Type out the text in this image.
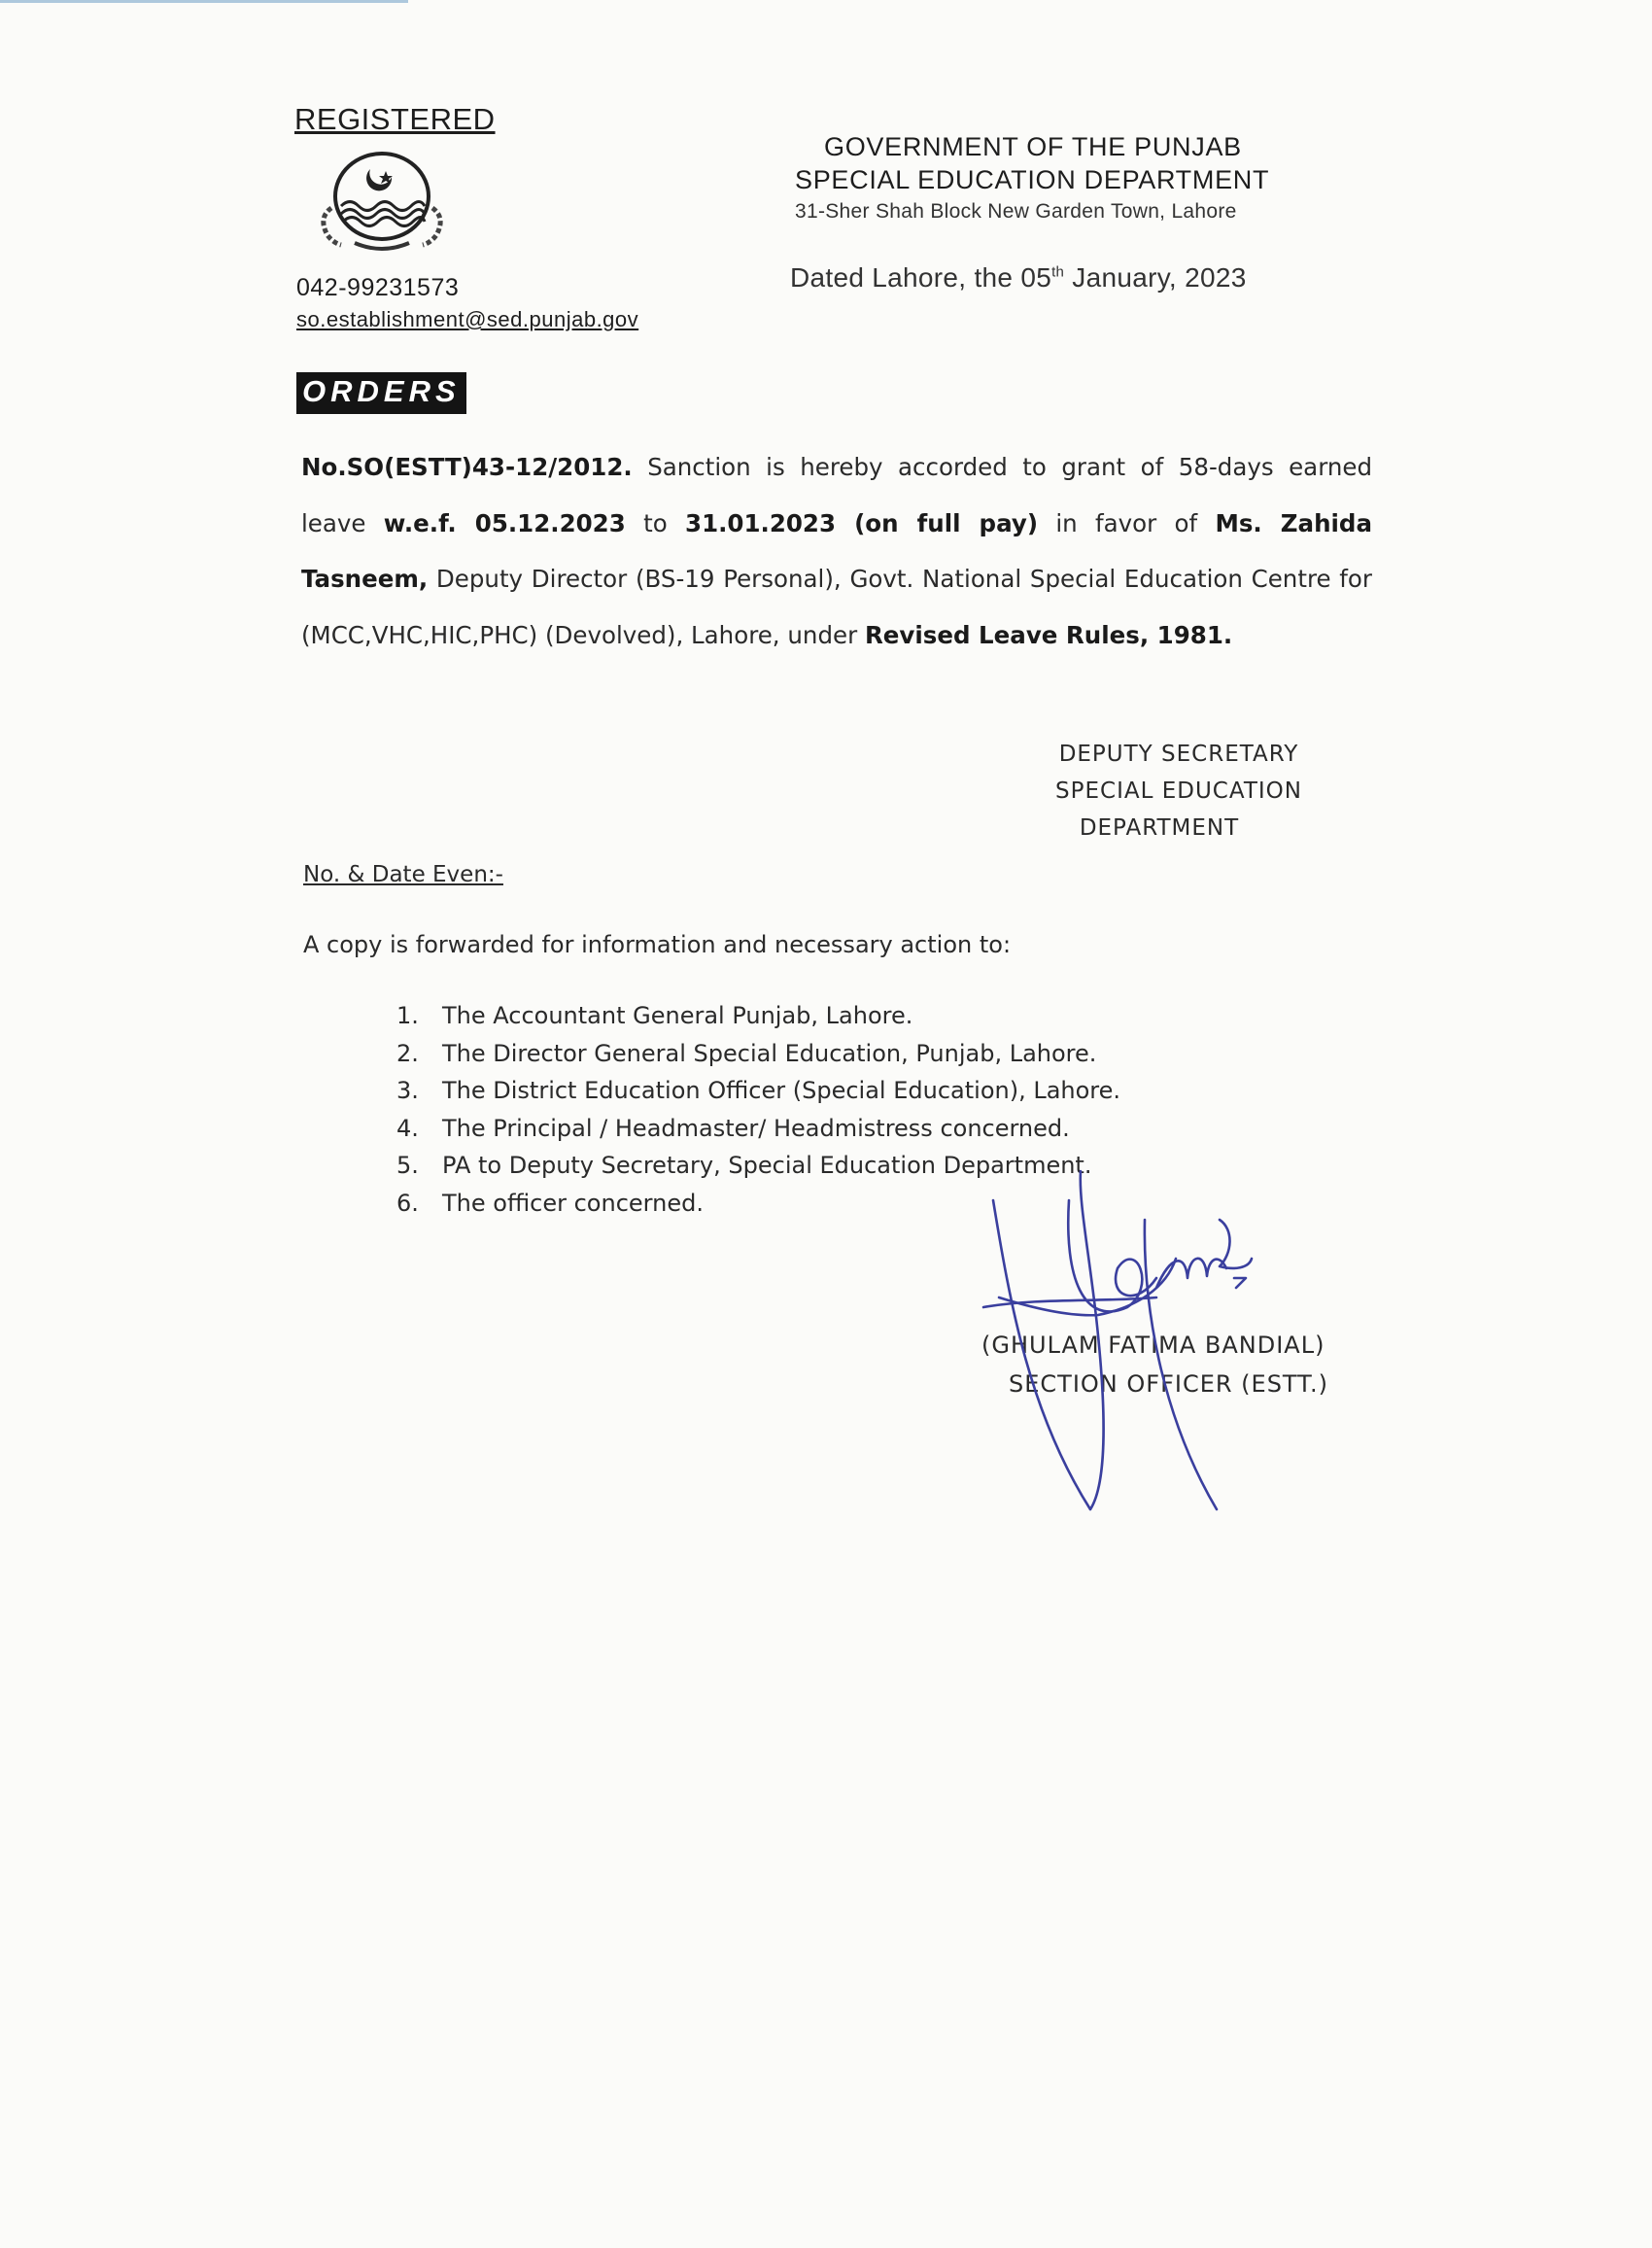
REGISTERED
042-99231573
so.establishment@sed.punjab.gov
GOVERNMENT OF THE PUNJAB
SPECIAL EDUCATION DEPARTMENT
31-Sher Shah Block New Garden Town, Lahore
Dated Lahore, the 05th January, 2023
ORDERS
No.SO(ESTT)43-12/2012. Sanction is hereby accorded to grant of 58-days earned leave w.e.f. 05.12.2023 to 31.01.2023 (on full pay) in favor of Ms. Zahida Tasneem, Deputy Director (BS-19 Personal), Govt. National Special Education Centre for (MCC,VHC,HIC,PHC) (Devolved), Lahore, under Revised Leave Rules, 1981.
DEPUTY SECRETARY
SPECIAL EDUCATION
DEPARTMENT
No. & Date Even:-
A copy is forwarded for information and necessary action to:
1. The Accountant General Punjab, Lahore.
2. The Director General Special Education, Punjab, Lahore.
3. The District Education Officer (Special Education), Lahore.
4. The Principal / Headmaster/ Headmistress concerned.
5. PA to Deputy Secretary, Special Education Department.
6. The officer concerned.
(GHULAM FATIMA BANDIAL)
SECTION OFFICER (ESTT.)
